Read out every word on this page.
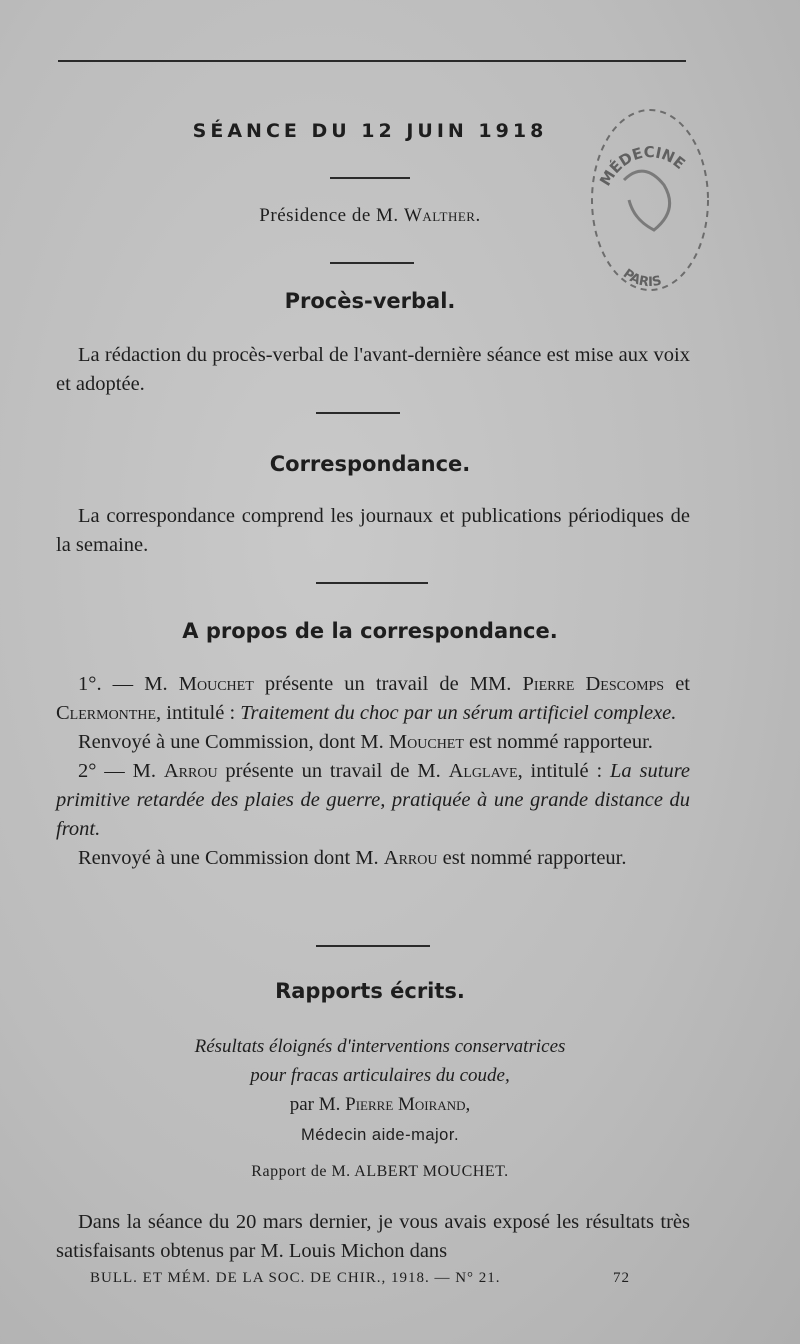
SÉANCE DU 12 JUIN 1918
Présidence de M. Walther.
Procès-verbal.

La rédaction du procès-verbal de l'avant-dernière séance est mise aux voix et adoptée.

Correspondance.

La correspondance comprend les journaux et publications périodiques de la semaine.

A propos de la correspondance.

1°. — M. Mouchet présente un travail de MM. Pierre Descomps et Clermonthe, intitulé : Traitement du choc par un sérum artificiel complexe.

Renvoyé à une Commission, dont M. Mouchet est nommé rapporteur.

2° — M. Arrou présente un travail de M. Alglave, intitulé : La suture primitive retardée des plaies de guerre, pratiquée à une grande distance du front.

Renvoyé à une Commission dont M. Arrou est nommé rapporteur.

Rapports écrits.
Résultats éloignés d'interventions conservatrices
pour fracas articulaires du coude,
par M. Pierre Moirand,
Médecin aide-major.
Rapport de M. ALBERT MOUCHET.

Dans la séance du 20 mars dernier, je vous avais exposé les résultats très satisfaisants obtenus par M. Louis Michon dans

BULL. ET MÉM. DE LA SOC. DE CHIR., 1918. — N° 21.	72
MÉDECINE
PARIS
